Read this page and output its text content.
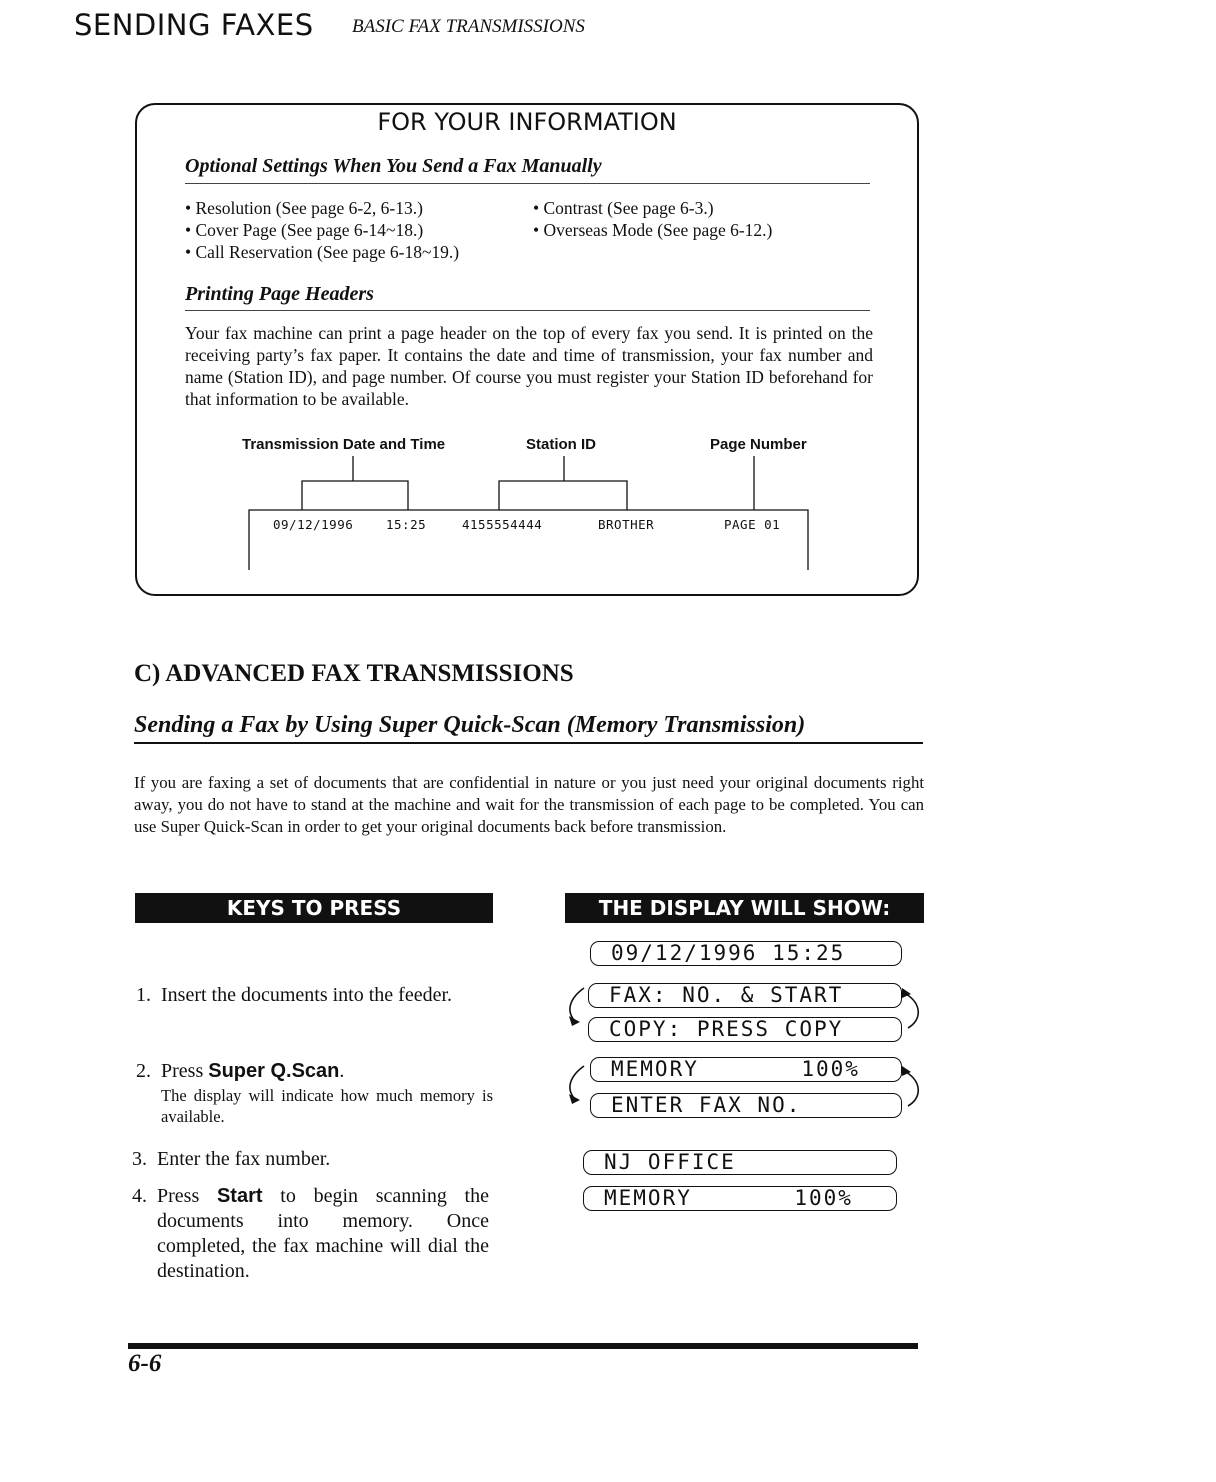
SENDING FAXES BASIC FAX TRANSMISSIONS
FOR YOUR INFORMATION
Optional Settings When You Send a Fax Manually
• Resolution (See page 6-2, 6-13.)
• Cover Page (See page 6-14~18.)
• Call Reservation (See page 6-18~19.)
• Contrast (See page 6-3.)
• Overseas Mode (See page 6-12.)
Printing Page Headers
Your fax machine can print a page header on the top of every fax you send. It is printed on the receiving party’s fax paper. It contains the date and time of transmission, your fax number and name (Station ID), and page number. Of course you must register your Station ID beforehand for that information to be available.
Transmission Date and Time	Station ID	Page Number
09/12/1996	15:25	4155554444	BROTHER	PAGE 01
C) ADVANCED FAX TRANSMISSIONS
Sending a Fax by Using Super Quick-Scan (Memory Transmission)
If you are faxing a set of documents that are confidential in nature or you just need your original documents right away, you do not have to stand at the machine and wait for the transmission of each page to be completed. You can use Super Quick-Scan in order to get your original documents back before transmission.
KEYS TO PRESS	THE DISPLAY WILL SHOW:
1. Insert the documents into the feeder.
2. Press Super Q.Scan.
The display will indicate how much memory is available.
3. Enter the fax number.
4. Press Start to begin scanning the documents into memory. Once completed, the fax machine will dial the destination.
09/12/1996 15:25
FAX: NO. & START
COPY: PRESS COPY
MEMORY       100%
ENTER FAX NO.
NJ OFFICE
MEMORY       100%
6-6
